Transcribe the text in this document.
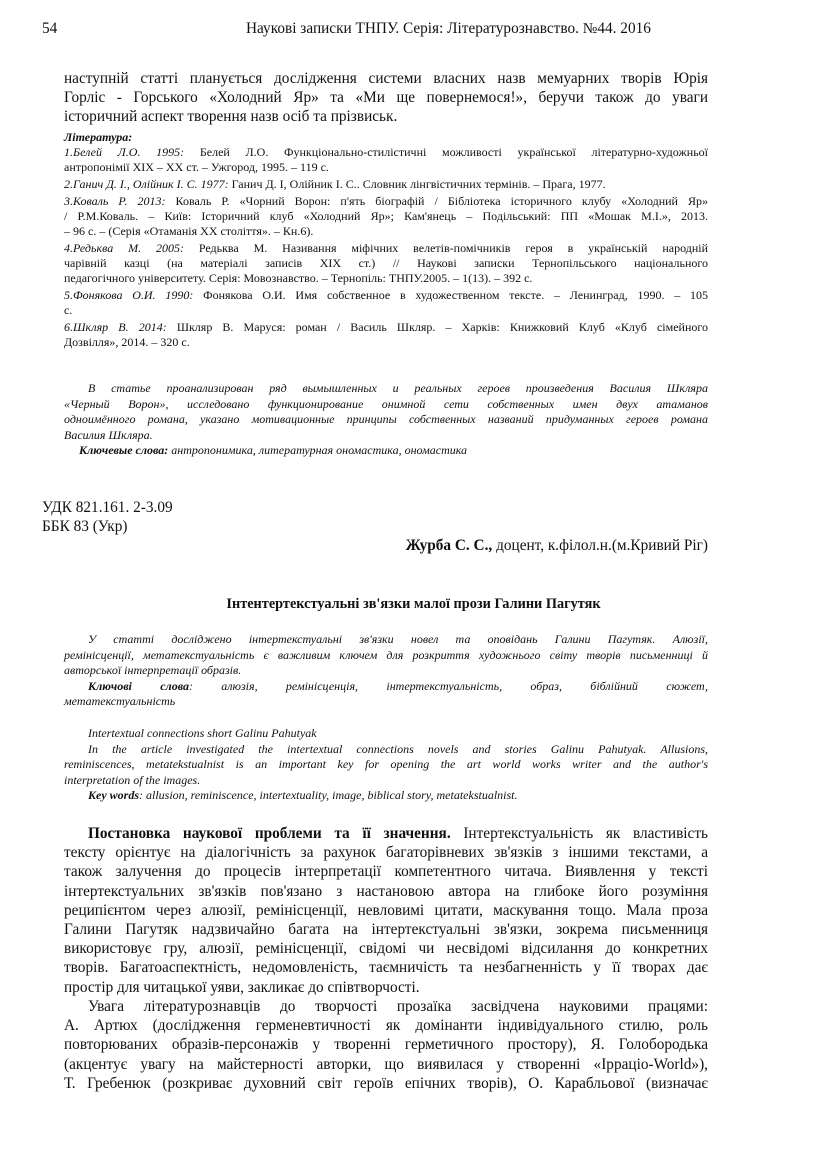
54	Наукові записки ТНПУ. Серія: Літературознавство. №44. 2016
наступній статті планується дослідження системи власних назв мемуарних творів Юрія
Горліс - Горського «Холодний Яр» та «Ми ще повернемося!», беручи також до уваги
історичний аспект творення назв осіб та прізвиськ.
Література:
1.Белей Л.О. 1995: Белей Л.О. Функціонально-стилістичні можливості української літературно-художньої
антропонімії XIX – XX ст. – Ужгород, 1995. – 119 с.
2.Ганич Д. І., Олійник І. С. 1977: Ганич Д. І, Олійник І. С.. Словник лінгвістичних термінів. – Прага, 1977.
3.Коваль Р. 2013: Коваль Р. «Чорний Ворон: п'ять біографій / Бібліотека історичного клубу «Холодний Яр»
/ Р.М.Коваль. – Київ: Історичний клуб «Холодний Яр»; Кам'янець – Подільський: ПП «Мошак М.І.», 2013.
– 96 с. – (Серія «Отаманія XX століття». – Кн.6).
4.Редьква М. 2005: Редьква М. Називання міфічних велетів-помічників героя в українській народній
чарівній казці (на матеріалі записів XIX ст.) // Наукові записки Тернопільського національного
педагогічного університету. Серія: Мовознавство. – Тернопіль: ТНПУ.2005. – 1(13). – 392 с.
5.Фонякова О.И. 1990: Фонякова О.И. Имя собственное в художественном тексте. – Ленинград, 1990. – 105
с.
6.Шкляр В. 2014: Шкляр В. Маруся: роман / Василь Шкляр. – Харків: Книжковий Клуб «Клуб сімейного
Дозвілля», 2014. – 320 с.
В статье проанализирован ряд вымышленных и реальных героев произведения Василия Шкляра
«Черный Ворон», исследовано функционирование онимной сети собственных имен двух атаманов
одноимённого романа, указано мотивационные принципы собственных названий придуманных героев романа
Василия Шкляра.
Ключевые слова: антропонимика, литературная ономастика, ономастика
УДК 821.161. 2-3.09
ББК 83 (Укр)
Журба С. С., доцент, к.філол.н.(м.Кривий Ріг)
Інтентертекстуальні зв'язки малої прози Галини Пагутяк
У статті досліджено інтертекстуальні зв'язки новел та оповідань Галини Пагутяк. Алюзії,
ремінісценції, метатекстуальність є важливим ключем для розкриття художнього світу творів письменниці й
авторської інтерпретації образів.
Ключові слова: алюзія, ремінісценція, інтертекстуальність, образ, біблійний сюжет,
метатекстуальність
Intertextual connections short Galinu Pahutyak
In the article investigated the intertextual connections novels and stories Galinu Pahutyak. Allusions,
reminiscences, metatekstualnist is an important key for opening the art world works writer and the author's
interpretation of the images.
Key words: allusion, reminiscence, intertextuality, image, biblical story, metatekstualnist.
Постановка наукової проблеми та її значення. Інтертекстуальність як властивість
тексту орієнтує на діалогічність за рахунок багаторівневих зв'язків з іншими текстами, а
також залучення до процесів інтерпретації компетентного читача. Виявлення у тексті
інтертекстуальних зв'язків пов'язано з настановою автора на глибоке його розуміння
реципієнтом через алюзії, ремінісценції, невловимі цитати, маскування тощо. Мала проза
Галини Пагутяк надзвичайно багата на інтертекстуальні зв'язки, зокрема письменниця
використовує гру, алюзії, ремінісценції, свідомі чи несвідомі відсилання до конкретних
творів. Багатоаспектність, недомовленість, таємничість та незбагненність у її творах дає
простір для читацької уяви, закликає до співтворчості.
Увага літературознавців до творчості прозаїка засвідчена науковими працями:
А. Артюх (дослідження герменевтичності як домінанти індивідуального стилю, роль
повторюваних образів-персонажів у творенні герметичного простору), Я. Голобородька
(акцентує увагу на майстерності авторки, що виявилася у створенні «Ірраціо-World»),
Т. Гребенюк (розкриває духовний світ героїв епічних творів), О. Карабльової (визначає
